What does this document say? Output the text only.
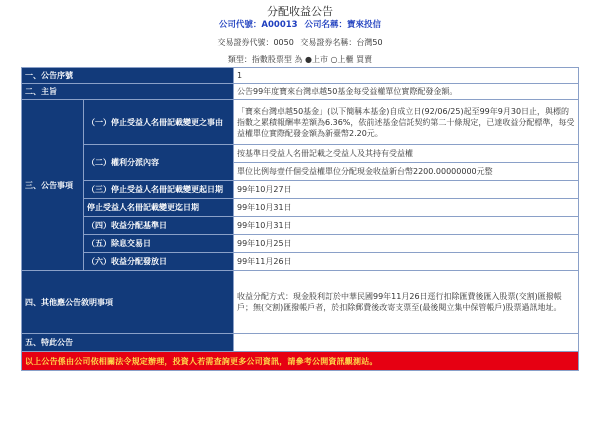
分配收益公告
公司代號：A00013 公司名稱：寶來投信
交易證券代號：0050 交易證券名稱：台灣50
類型：指數股票型 為 ●上市 ○上櫃 買賣
一、公告序號		1
二、主旨		公告99年度寶來台灣卓越50基金每受益權單位實際配發金額。
三、公告事項	（一）停止受益人名冊記載變更之事由	「寶來台灣卓越50基金」(以下簡稱本基金)自成立日(92/06/25)起至99年9月30日止，與標的指數之累積報酬率差額為6.36%，依前述基金信託契約第二十條規定，已達收益分配標準，每受益權單位實際配發金額為新臺幣2.20元。
	（二）權利分派內容	按基準日受益人名冊記載之受益人及其持有受益權
		單位比例每壹仟個受益權單位分配現金收益新台幣2200.00000000元整
	（三）停止受益人名冊記載變更起日期	99年10月27日
	停止受益人名冊記載變更迄日期	99年10月31日
	（四）收益分配基準日	99年10月31日
	（五）除息交易日	99年10月25日
	（六）收益分配發放日	99年11月26日
四、其他應公告敘明事項		收益分配方式：現金股利訂於中華民國99年11月26日逕行扣除匯費後匯入股票(交割)匯撥帳戶；無(交割)匯撥帳戶者，於扣除郵費後改寄支票至(最後閱立集中保管帳戶)股票過訊地址。
五、特此公告		
以上公告係由公司依相關法令規定辦理，投資人若需查詢更多公司資訊，請參考公開資訊觀測站。		
